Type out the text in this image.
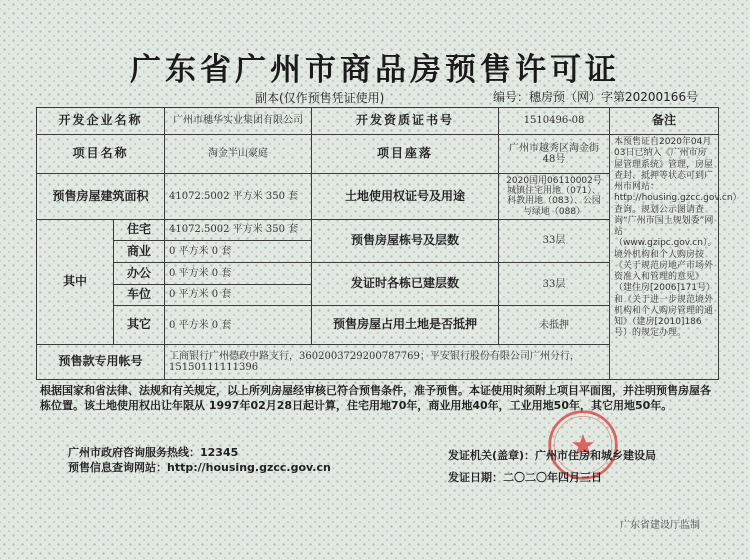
广东省广州市商品房预售许可证
副本(仅作预售凭证使用)	编号：穗房预（网）字第20200166号
开发企业名称		广州市穗华实业集团有限公司	开发资质证书号	1510496-08	备注
项目名称		淘金半山豪庭	项目座落	广州市越秀区淘金街48号	本预售证自2020年04月03日已纳入《广州市房屋管理系统》管理，房屋查封、抵押等状态可到广州市网站：http://housing.gzcc.gov.cn）查询。规划公示图请查询“广州市国土规划委”网站（www.gzipc.gov.cn）。境外机构和个人购房按《关于规范房地产市场外资准入和管理的意见》（建住房[2006]171号）和《关于进一步规范境外机构和个人购房管理的通知》（建房[2010]186号）的规定办理。
预售房屋建筑面积		41072.5002 平方米 350 套	土地使用权证号及用途	2020国用06110002号城镇住宅用地（071）、科教用地（083）、公园与绿地（088）	

其中	住宅	41072.5002 平方米 350 套	预售房屋栋号及层数	33层	
	商业	0 平方米 0 套			
	办公	0 平方米 0 套	发证时各栋已建层数	33层	
	车位	0 平方米 0 套			
	其它	0 平方米 0 套	预售房屋占用土地是否抵押	未抵押	
预售款专用帐号		工商银行广州德政中路支行，3602003729200787769；平安银行股份有限公司广州分行，15150111111396			
根据国家和省法律、法规和有关规定，以上所列房屋经审核已符合预售条件，准予预售。本证使用时须附上项目平面图，并注明预售房屋各栋位置。该土地使用权出让年限从 1997年02月28日起计算，住宅用地70年，商业用地40年，工业用地50年，其它用地50年。
广州市政府咨询服务热线：12345
预售信息查询网站：http://housing.gzcc.gov.cn
发证机关(盖章)：广州市住房和城乡建设局
发证日期：二〇二〇年四月三日
广东省建设厅监制
